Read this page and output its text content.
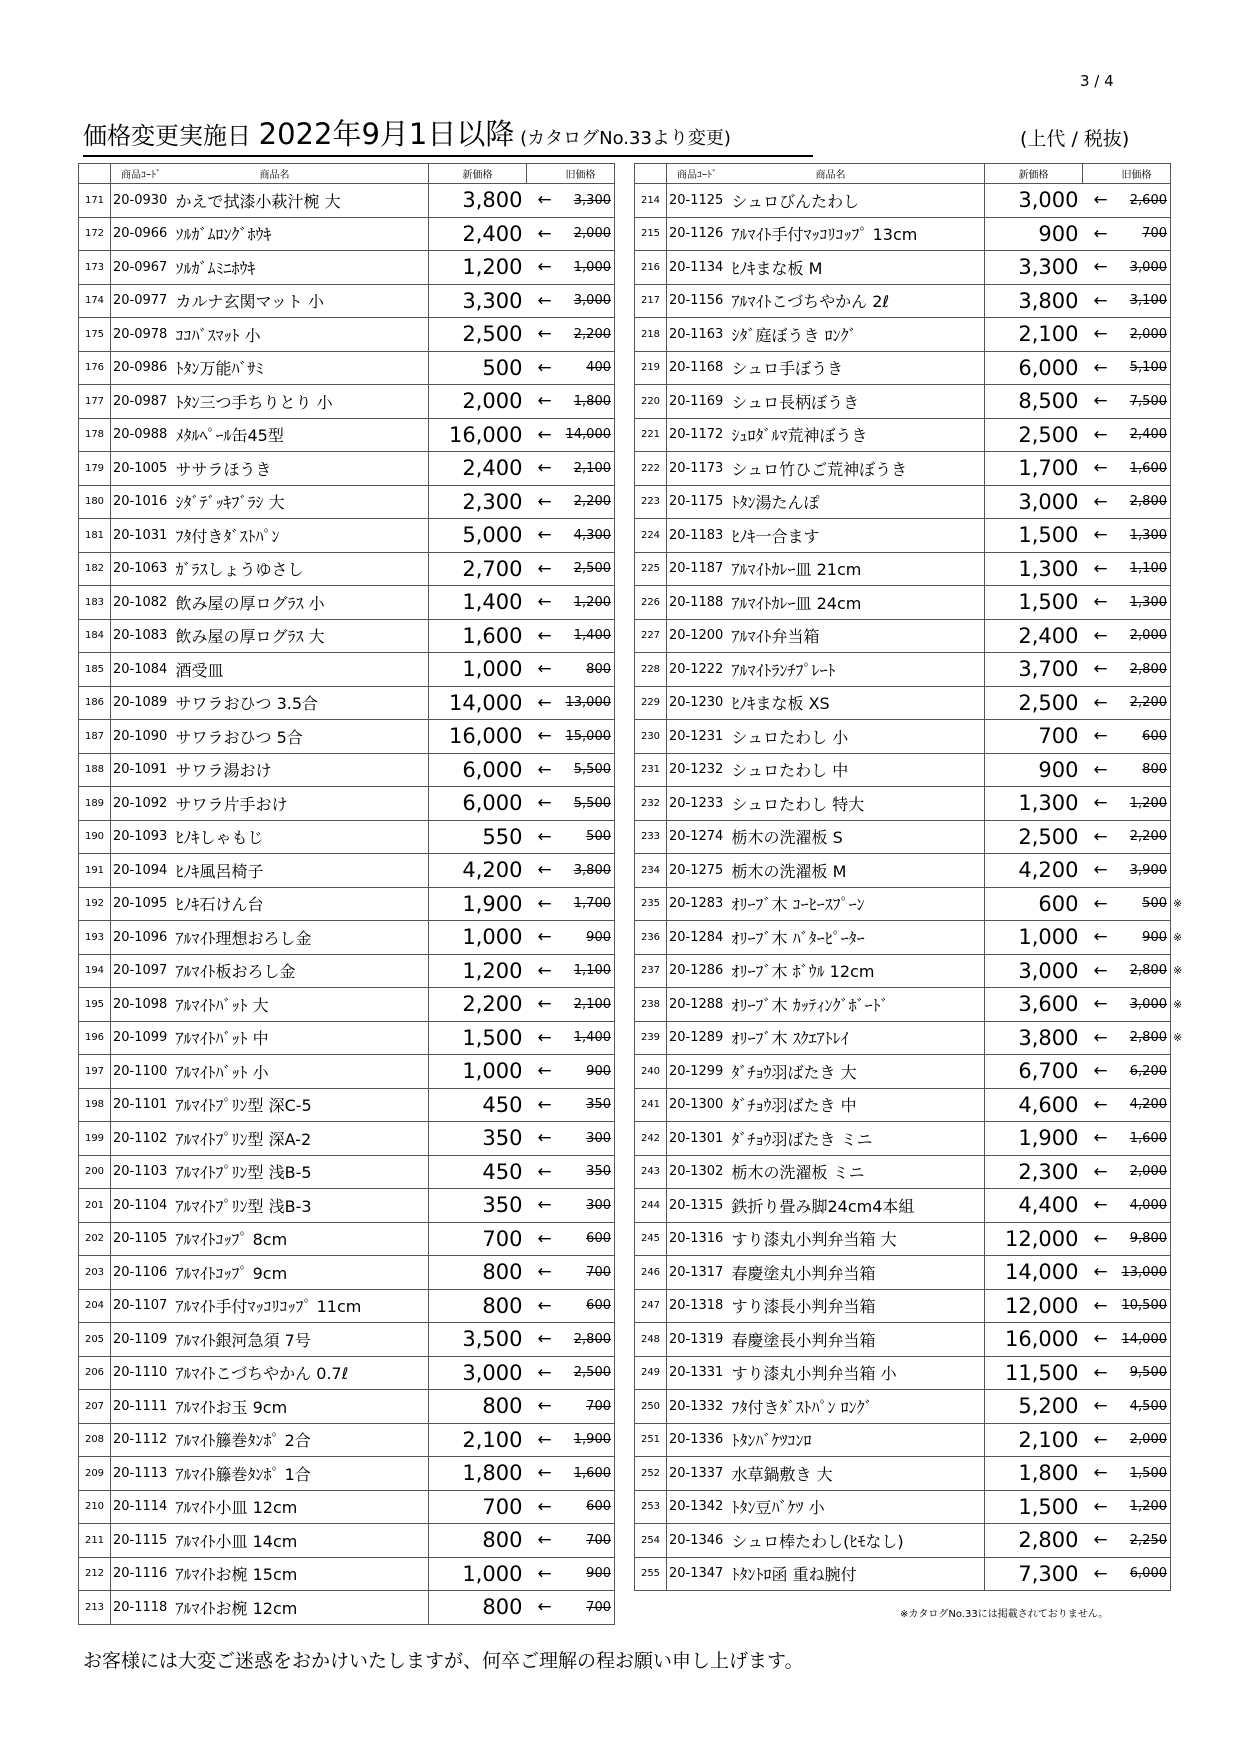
3 / 4
価格変更実施日 2022年9月1日以降 (カタログNo.33より変更)	(上代 / 税抜)

	商品ｺｰﾄﾞ 商品名		新価格	旧価格	
171	20-0930	かえで拭漆小萩汁椀 大	3,800	←	3,300
172	20-0966	ｿﾙｶﾞﾑﾛﾝｸﾞﾎｳｷ	2,400	←	2,000
173	20-0967	ｿﾙｶﾞﾑﾐﾆﾎｳｷ	1,200	←	1,000
174	20-0977	カルナ玄関マット 小	3,300	←	3,000
175	20-0978	ｺｺﾊﾞｽﾏｯﾄ 小	2,500	←	2,200
176	20-0986	ﾄﾀﾝ万能ﾊﾞｻﾐ	500	←	400
177	20-0987	ﾄﾀﾝ三つ手ちりとり 小	2,000	←	1,800
178	20-0988	ﾒﾀﾙﾍﾟｰﾙ缶45型	16,000	←	14,000
179	20-1005	ササラほうき	2,400	←	2,100
180	20-1016	ｼﾀﾞﾃﾞｯｷﾌﾞﾗｼ 大	2,300	←	2,200
181	20-1031	ﾌﾀ付きﾀﾞｽﾄﾊﾟﾝ	5,000	←	4,300
182	20-1063	ｶﾞﾗｽしょうゆさし	2,700	←	2,500
183	20-1082	飲み屋の厚ログﾗｽ 小	1,400	←	1,200
184	20-1083	飲み屋の厚ログﾗｽ 大	1,600	←	1,400
185	20-1084	酒受皿	1,000	←	800
186	20-1089	サワラおひつ 3.5合	14,000	←	13,000
187	20-1090	サワラおひつ 5合	16,000	←	15,000
188	20-1091	サワラ湯おけ	6,000	←	5,500
189	20-1092	サワラ片手おけ	6,000	←	5,500
190	20-1093	ﾋﾉｷしゃもじ	550	←	500
191	20-1094	ﾋﾉｷ風呂椅子	4,200	←	3,800
192	20-1095	ﾋﾉｷ石けん台	1,900	←	1,700
193	20-1096	ｱﾙﾏｲﾄ理想おろし金	1,000	←	900
194	20-1097	ｱﾙﾏｲﾄ板おろし金	1,200	←	1,100
195	20-1098	ｱﾙﾏｲﾄﾊﾞｯﾄ 大	2,200	←	2,100
196	20-1099	ｱﾙﾏｲﾄﾊﾞｯﾄ 中	1,500	←	1,400
197	20-1100	ｱﾙﾏｲﾄﾊﾞｯﾄ 小	1,000	←	900
198	20-1101	ｱﾙﾏｲﾄﾌﾟﾘﾝ型 深C-5	450	←	350
199	20-1102	ｱﾙﾏｲﾄﾌﾟﾘﾝ型 深A-2	350	←	300
200	20-1103	ｱﾙﾏｲﾄﾌﾟﾘﾝ型 浅B-5	450	←	350
201	20-1104	ｱﾙﾏｲﾄﾌﾟﾘﾝ型 浅B-3	350	←	300
202	20-1105	ｱﾙﾏｲﾄｺｯﾌﾟ 8cm	700	←	600
203	20-1106	ｱﾙﾏｲﾄｺｯﾌﾟ 9cm	800	←	700
204	20-1107	ｱﾙﾏｲﾄ手付ﾏｯｺﾘｺｯﾌﾟ 11cm	800	←	600
205	20-1109	ｱﾙﾏｲﾄ銀河急須 7号	3,500	←	2,800
206	20-1110	ｱﾙﾏｲﾄこづちやかん 0.7ℓ	3,000	←	2,500
207	20-1111	ｱﾙﾏｲﾄお玉 9cm	800	←	700
208	20-1112	ｱﾙﾏｲﾄ籐巻ﾀﾝﾎﾟ 2合	2,100	←	1,900
209	20-1113	ｱﾙﾏｲﾄ籐巻ﾀﾝﾎﾟ 1合	1,800	←	1,600
210	20-1114	ｱﾙﾏｲﾄ小皿 12cm	700	←	600
211	20-1115	ｱﾙﾏｲﾄ小皿 14cm	800	←	700
212	20-1116	ｱﾙﾏｲﾄお椀 15cm	1,000	←	900
213	20-1118	ｱﾙﾏｲﾄお椀 12cm	800	←	700

	商品ｺｰﾄﾞ 商品名		新価格	旧価格		
214	20-1125	シュロびんたわし	3,000	←	2,600	
215	20-1126	ｱﾙﾏｲﾄ手付ﾏｯｺﾘｺｯﾌﾟ 13cm	900	←	700	
216	20-1134	ﾋﾉｷまな板 M	3,300	←	3,000	
217	20-1156	ｱﾙﾏｲﾄこづちやかん 2ℓ	3,800	←	3,100	
218	20-1163	ｼﾀﾞ庭ぼうき ﾛﾝｸﾞ	2,100	←	2,000	
219	20-1168	シュロ手ぼうき	6,000	←	5,100	
220	20-1169	シュロ長柄ぼうき	8,500	←	7,500	
221	20-1172	ｼｭﾛﾀﾞﾙﾏ荒神ぼうき	2,500	←	2,400	
222	20-1173	シュロ竹ひご荒神ぼうき	1,700	←	1,600	
223	20-1175	ﾄﾀﾝ湯たんぽ	3,000	←	2,800	
224	20-1183	ﾋﾉｷ一合ます	1,500	←	1,300	
225	20-1187	ｱﾙﾏｲﾄｶﾚｰ皿 21cm	1,300	←	1,100	
226	20-1188	ｱﾙﾏｲﾄｶﾚｰ皿 24cm	1,500	←	1,300	
227	20-1200	ｱﾙﾏｲﾄ弁当箱	2,400	←	2,000	
228	20-1222	ｱﾙﾏｲﾄﾗﾝﾁﾌﾟﾚｰﾄ	3,700	←	2,800	
229	20-1230	ﾋﾉｷまな板 XS	2,500	←	2,200	
230	20-1231	シュロたわし 小	700	←	600	
231	20-1232	シュロたわし 中	900	←	800	
232	20-1233	シュロたわし 特大	1,300	←	1,200	
233	20-1274	栃木の洗濯板 S	2,500	←	2,200	
234	20-1275	栃木の洗濯板 M	4,200	←	3,900	
235	20-1283	ｵﾘｰﾌﾞ木 ｺｰﾋｰｽﾌﾟｰﾝ	600	←	500	※
236	20-1284	ｵﾘｰﾌﾞ木 ﾊﾞﾀｰﾋﾟｰﾀｰ	1,000	←	900	※
237	20-1286	ｵﾘｰﾌﾞ木 ﾎﾞｳﾙ 12cm	3,000	←	2,800	※
238	20-1288	ｵﾘｰﾌﾞ木 ｶｯﾃｨﾝｸﾞﾎﾞｰﾄﾞ	3,600	←	3,000	※
239	20-1289	ｵﾘｰﾌﾞ木 ｽｸｴｱﾄﾚｲ	3,800	←	2,800	※
240	20-1299	ﾀﾞﾁｮｳ羽ばたき 大	6,700	←	6,200	
241	20-1300	ﾀﾞﾁｮｳ羽ばたき 中	4,600	←	4,200	
242	20-1301	ﾀﾞﾁｮｳ羽ばたき ミニ	1,900	←	1,600	
243	20-1302	栃木の洗濯板 ミニ	2,300	←	2,000	
244	20-1315	鉄折り畳み脚24cm4本組	4,400	←	4,000	
245	20-1316	すり漆丸小判弁当箱 大	12,000	←	9,800	
246	20-1317	春慶塗丸小判弁当箱	14,000	←	13,000	
247	20-1318	すり漆長小判弁当箱	12,000	←	10,500	
248	20-1319	春慶塗長小判弁当箱	16,000	←	14,000	
249	20-1331	すり漆丸小判弁当箱 小	11,500	←	9,500	
250	20-1332	ﾌﾀ付きﾀﾞｽﾄﾊﾟﾝ ﾛﾝｸﾞ	5,200	←	4,500	
251	20-1336	ﾄﾀﾝﾊﾞｹﾂｺﾝﾛ	2,100	←	2,000	
252	20-1337	水草鍋敷き 大	1,800	←	1,500	
253	20-1342	ﾄﾀﾝ豆ﾊﾞｹﾂ 小	1,500	←	1,200	
254	20-1346	シュロ棒たわし(ﾋﾓなし)	2,800	←	2,250	
255	20-1347	ﾄﾀﾝﾄﾛ函 重ね腕付	7,300	←	6,000	
※カタログNo.33には掲載されておりません。
お客様には大変ご迷惑をおかけいたしますが、何卒ご理解の程お願い申し上げます。
